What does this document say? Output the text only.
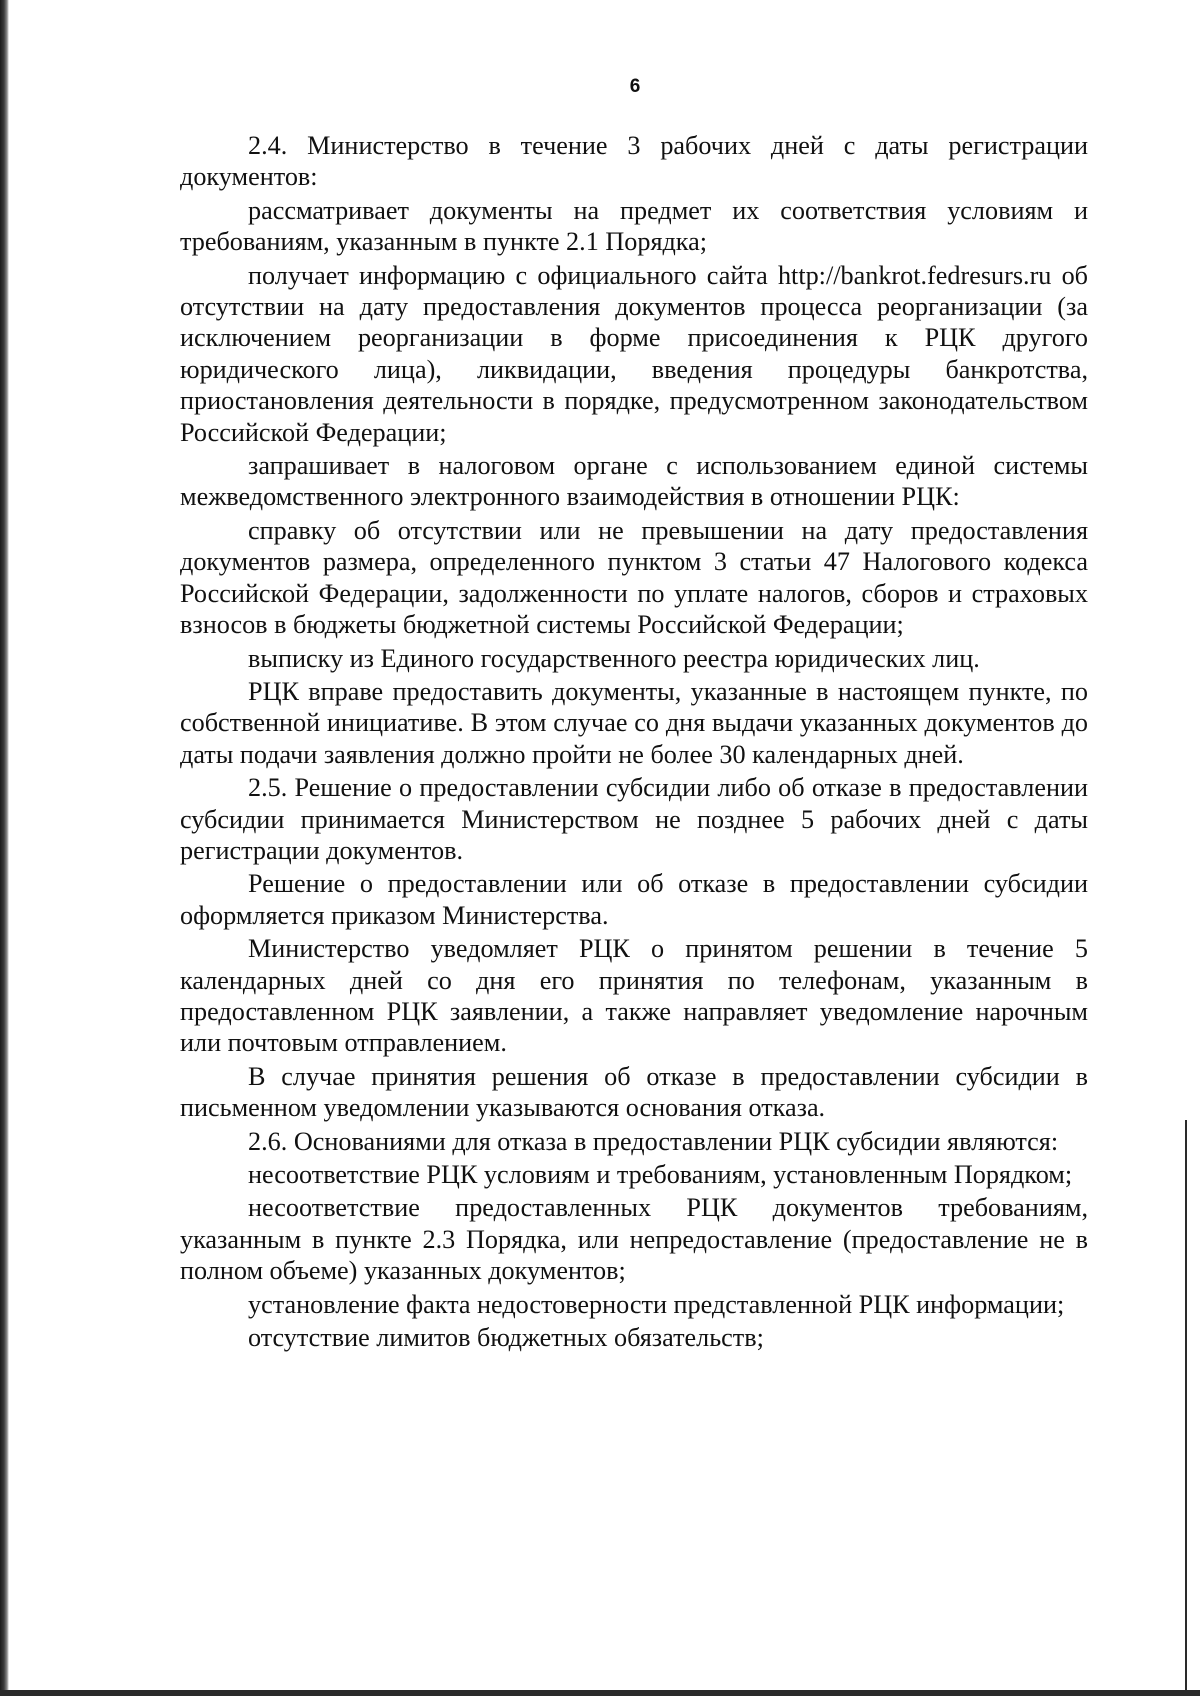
6

2.4. Министерство в течение 3 рабочих дней с даты регистрации документов:

рассматривает документы на предмет их соответствия условиям и требованиям, указанным в пункте 2.1 Порядка;

получает информацию с официального сайта http://bankrot.fedresurs.ru об отсутствии на дату предоставления документов процесса реорганизации (за исключением реорганизации в форме присоединения к РЦК другого юридического лица), ликвидации, введения процедуры банкротства, приостановления деятельности в порядке, предусмотренном законодательством Российской Федерации;

запрашивает в налоговом органе с использованием единой системы межведомственного электронного взаимодействия в отношении РЦК:

справку об отсутствии или не превышении на дату предоставления документов размера, определенного пунктом 3 статьи 47 Налогового кодекса Российской Федерации, задолженности по уплате налогов, сборов и страховых взносов в бюджеты бюджетной системы Российской Федерации;

выписку из Единого государственного реестра юридических лиц.

РЦК вправе предоставить документы, указанные в настоящем пункте, по собственной инициативе. В этом случае со дня выдачи указанных документов до даты подачи заявления должно пройти не более 30 календарных дней.

2.5. Решение о предоставлении субсидии либо об отказе в предоставлении субсидии принимается Министерством не позднее 5 рабочих дней с даты регистрации документов.

Решение о предоставлении или об отказе в предоставлении субсидии оформляется приказом Министерства.

Министерство уведомляет РЦК о принятом решении в течение 5 календарных дней со дня его принятия по телефонам, указанным в предоставленном РЦК заявлении, а также направляет уведомление нарочным или почтовым отправлением.

В случае принятия решения об отказе в предоставлении субсидии в письменном уведомлении указываются основания отказа.

2.6. Основаниями для отказа в предоставлении РЦК субсидии являются:

несоответствие РЦК условиям и требованиям, установленным Порядком;

несоответствие предоставленных РЦК документов требованиям, указанным в пункте 2.3 Порядка, или непредоставление (предоставление не в полном объеме) указанных документов;

установление факта недостоверности представленной РЦК информации;

отсутствие лимитов бюджетных обязательств;
